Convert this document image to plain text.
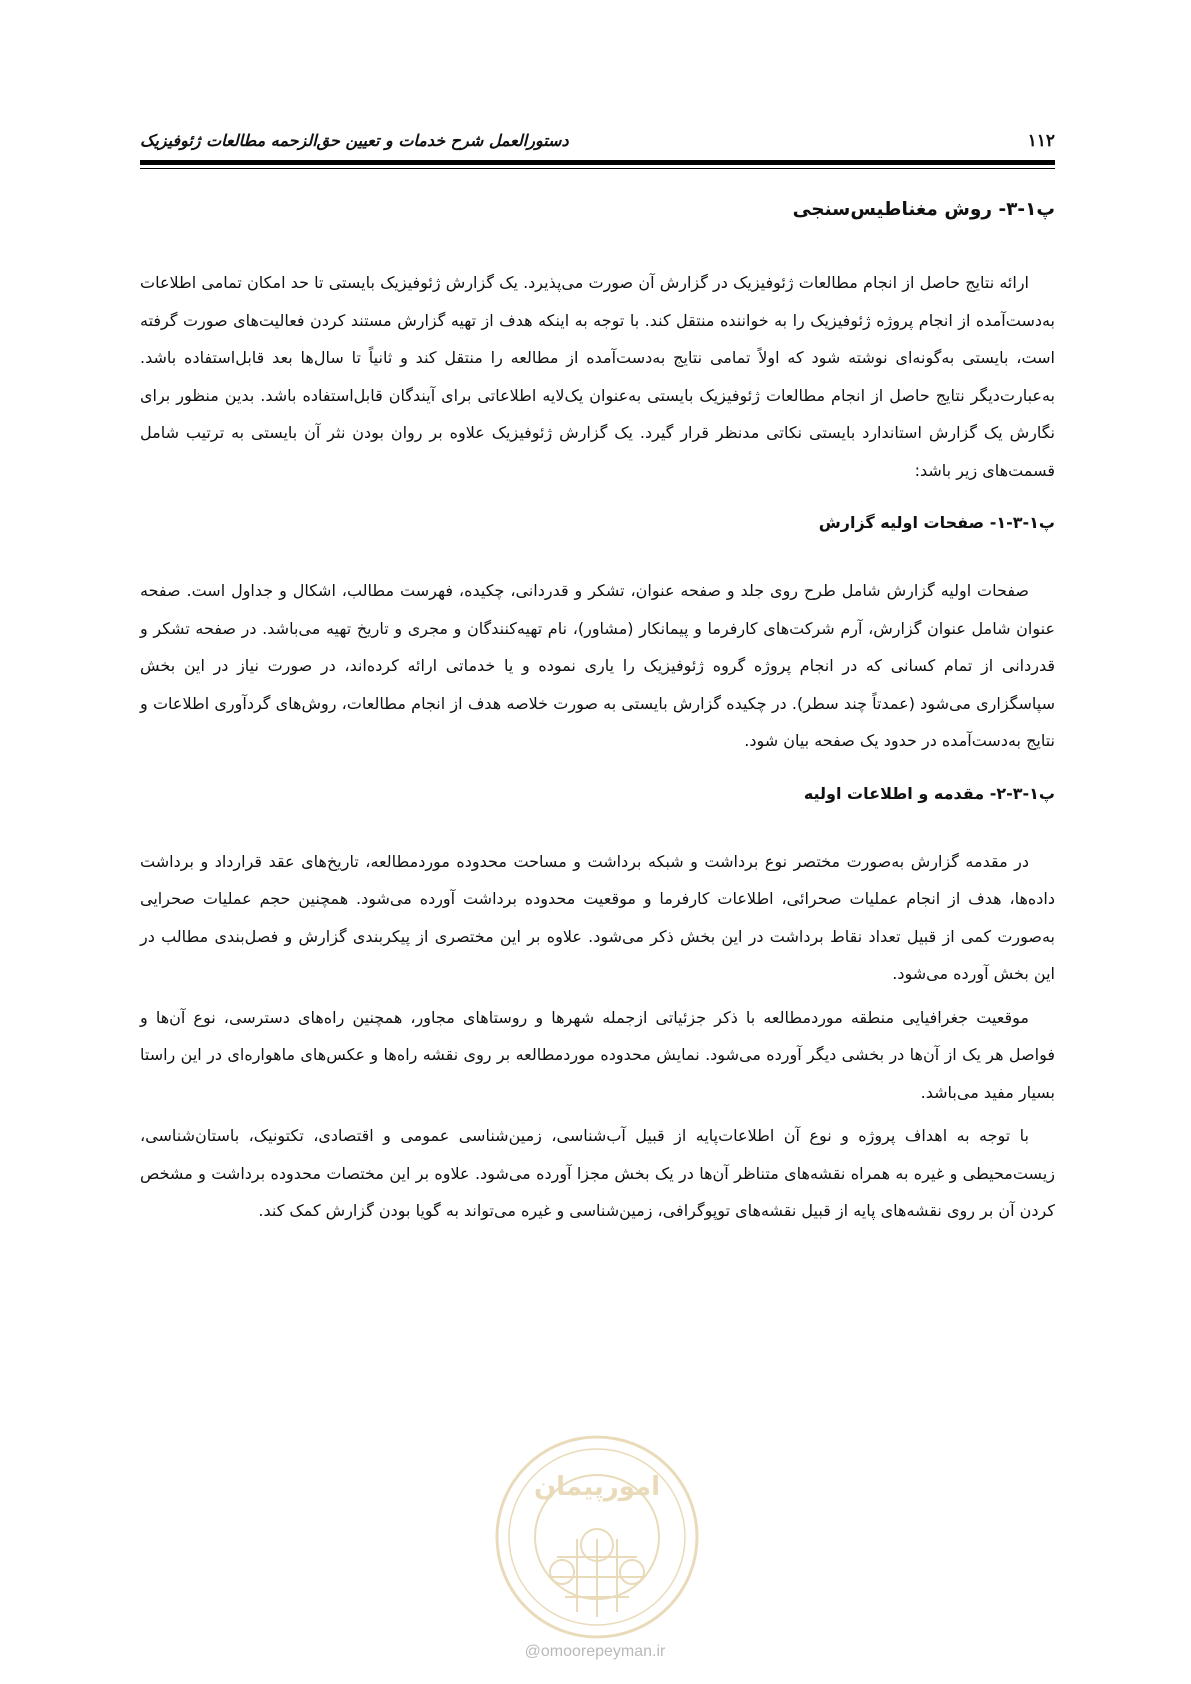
۱۱۲
دستورالعمل شرح خدمات و تعیین حق‌الزحمه مطالعات ژئوفیزیک
پ۱-۳- روش مغناطیس‌سنجی

ارائه نتایج حاصل از انجام مطالعات ژئوفیزیک در گزارش آن صورت می‌پذیرد. یک گزارش ژئوفیزیک بایستی تا حد امکان تمامی اطلاعات به‌دست‌آمده از انجام پروژه ژئوفیزیک را به خواننده منتقل کند. با توجه به اینکه هدف از تهیه گزارش مستند کردن فعالیت‌های صورت گرفته است، بایستی به‌گونه‌ای نوشته شود که اولاً تمامی نتایج به‌دست‌آمده از مطالعه را منتقل کند و ثانیاً تا سال‌ها بعد قابل‌استفاده باشد. به‌عبارت‌دیگر نتایج حاصل از انجام مطالعات ژئوفیزیک بایستی به‌عنوان یک‌لایه اطلاعاتی برای آیندگان قابل‌استفاده باشد. بدین منظور برای نگارش یک گزارش استاندارد بایستی نکاتی مدنظر قرار گیرد. یک گزارش ژئوفیزیک علاوه بر روان بودن نثر آن بایستی به ترتیب شامل قسمت‌های زیر باشد:

پ۱-۳-۱- صفحات اولیه گزارش

صفحات اولیه گزارش شامل طرح روی جلد و صفحه عنوان، تشکر و قدردانی، چکیده، فهرست مطالب، اشکال و جداول است. صفحه عنوان شامل عنوان گزارش، آرم شرکت‌های کارفرما و پیمانکار (مشاور)، نام تهیه‌کنندگان و مجری و تاریخ تهیه می‌باشد. در صفحه تشکر و قدردانی از تمام کسانی که در انجام پروژه گروه ژئوفیزیک را یاری نموده و یا خدماتی ارائه کرده‌اند، در صورت نیاز در این بخش سپاسگزاری می‌شود (عمدتاً چند سطر). در چکیده گزارش بایستی به صورت خلاصه هدف از انجام مطالعات، روش‌های گردآوری اطلاعات و نتایج به‌دست‌آمده در حدود یک صفحه بیان شود.

پ۱-۳-۲- مقدمه و اطلاعات اولیه

در مقدمه گزارش به‌صورت مختصر نوع برداشت و شبکه برداشت و مساحت محدوده موردمطالعه، تاریخ‌های عقد قرارداد و برداشت داده‌ها، هدف از انجام عملیات صحرائی، اطلاعات کارفرما و موقعیت محدوده برداشت آورده می‌شود. همچنین حجم عملیات صحرایی به‌صورت کمی از قبیل تعداد نقاط برداشت در این بخش ذکر می‌شود. علاوه بر این مختصری از پیکربندی گزارش و فصل‌بندی مطالب در این بخش آورده می‌شود.

موقعیت جغرافیایی منطقه موردمطالعه با ذکر جزئیاتی ازجمله شهرها و روستاهای مجاور، همچنین راه‌های دسترسی، نوع آن‌ها و فواصل هر یک از آن‌ها در بخشی دیگر آورده می‌شود. نمایش محدوده موردمطالعه بر روی نقشه راه‌ها و عکس‌های ماهواره‌ای در این راستا بسیار مفید می‌باشد.

با توجه به اهداف پروژه و نوع آن اطلاعات‌پایه از قبیل آب‌شناسی، زمین‌شناسی عمومی و اقتصادی، تکتونیک، باستان‌شناسی، زیست‌محیطی و غیره به همراه نقشه‌های متناظر آن‌ها در یک بخش مجزا آورده می‌شود. علاوه بر این مختصات محدوده برداشت و مشخص کردن آن بر روی نقشه‌های پایه از قبیل نقشه‌های توپوگرافی، زمین‌شناسی و غیره می‌تواند به گویا بودن گزارش کمک کند.

امورپیمان
@omoorepeyman.ir
